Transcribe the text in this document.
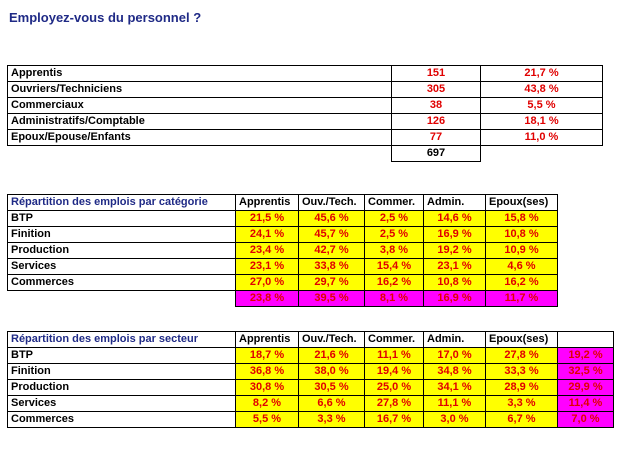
Employez-vous du personnel ?
Apprentis	151	21,7 %
Ouvriers/Techniciens	305	43,8 %
Commerciaux	38	5,5 %
Administratifs/Comptable	126	18,1 %
Epoux/Epouse/Enfants	77	11,0 %
	697	
Répartition des emplois par catégorie	Apprentis	Ouv./Tech.	Commer.	Admin.	Epoux(ses)
BTP	21,5 %	45,6 %	2,5 %	14,6 %	15,8 %
Finition	24,1 %	45,7 %	2,5 %	16,9 %	10,8 %
Production	23,4 %	42,7 %	3,8 %	19,2 %	10,9 %
Services	23,1 %	33,8 %	15,4 %	23,1 %	4,6 %
Commerces	27,0 %	29,7 %	16,2 %	10,8 %	16,2 %
	23,8 %	39,5 %	8,1 %	16,9 %	11,7 %
Répartition des emplois par secteur	Apprentis	Ouv./Tech.	Commer.	Admin.	Epoux(ses)	
BTP	18,7 %	21,6 %	11,1 %	17,0 %	27,8 %	19,2 %
Finition	36,8 %	38,0 %	19,4 %	34,8 %	33,3 %	32,5 %
Production	30,8 %	30,5 %	25,0 %	34,1 %	28,9 %	29,9 %
Services	8,2 %	6,6 %	27,8 %	11,1 %	3,3 %	11,4 %
Commerces	5,5 %	3,3 %	16,7 %	3,0 %	6,7 %	7,0 %
